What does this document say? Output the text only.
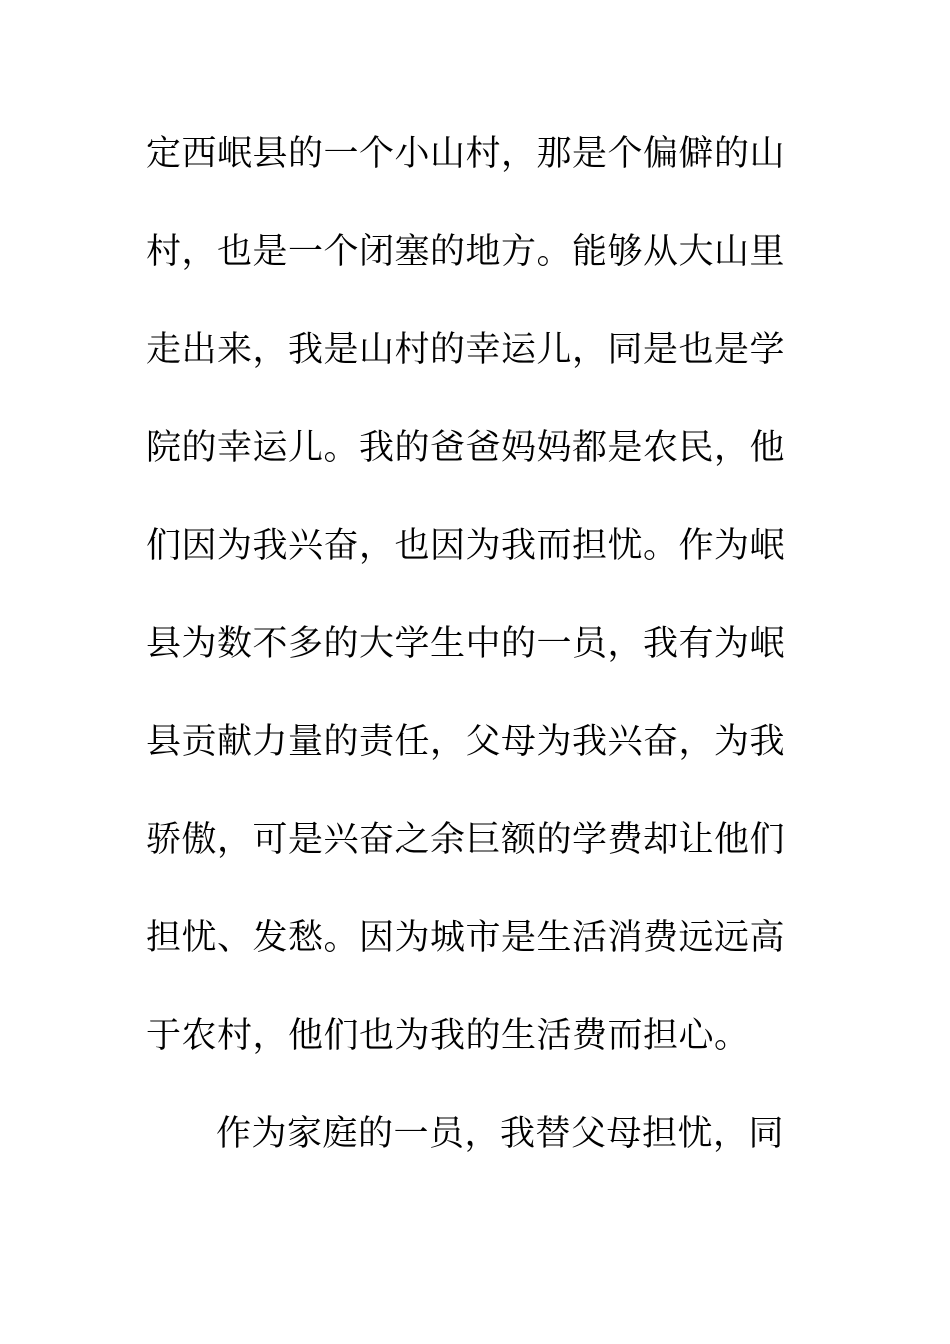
定西岷县的一个小山村，那是个偏僻的山
村，也是一个闭塞的地方。能够从大山里
走出来，我是山村的幸运儿，同是也是学
院的幸运儿。我的爸爸妈妈都是农民，他
们因为我兴奋，也因为我而担忧。作为岷
县为数不多的大学生中的一员，我有为岷
县贡献力量的责任，父母为我兴奋，为我
骄傲，可是兴奋之余巨额的学费却让他们
担忧、发愁。因为城市是生活消费远远高
于农村，他们也为我的生活费而担心。
作为家庭的一员，我替父母担忧，同
